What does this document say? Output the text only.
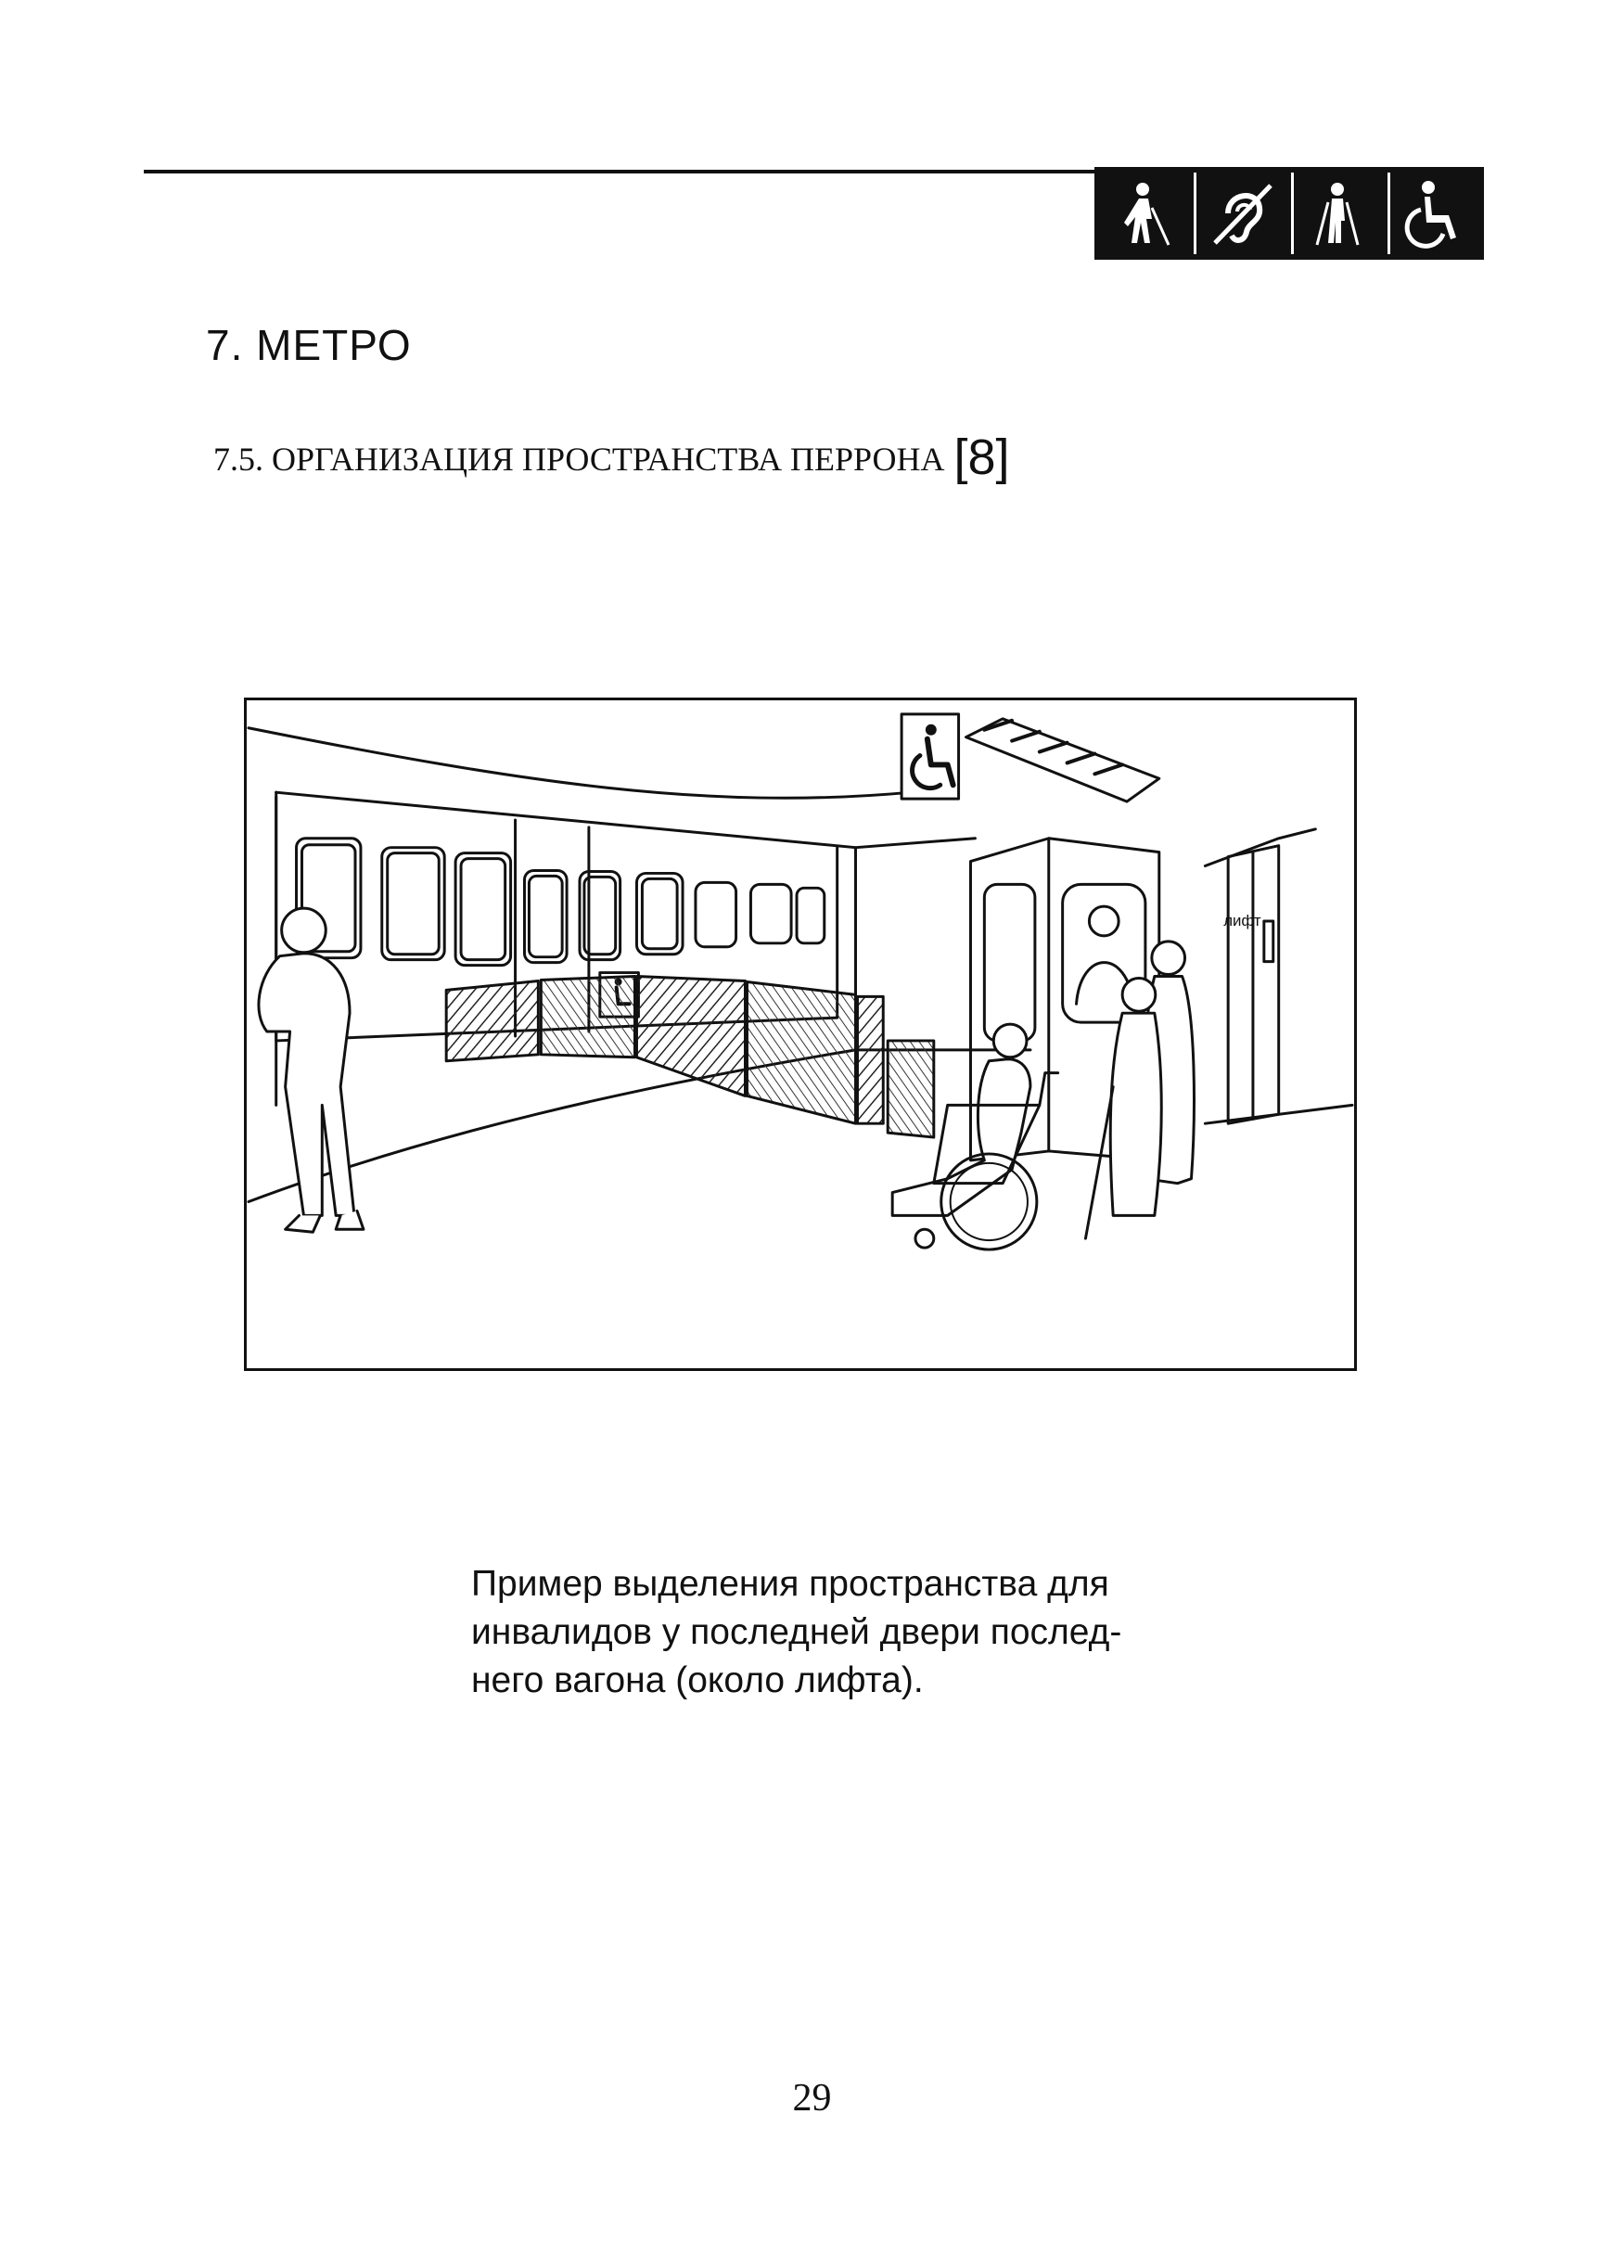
7. МЕТРО
7.5. ОРГАНИЗАЦИЯ ПРОСТРАНСТВА ПЕРРОНА [8]
лифт

Пример выделения пространства для
инвалидов у последней двери послед-
него вагона (около лифта).

29
